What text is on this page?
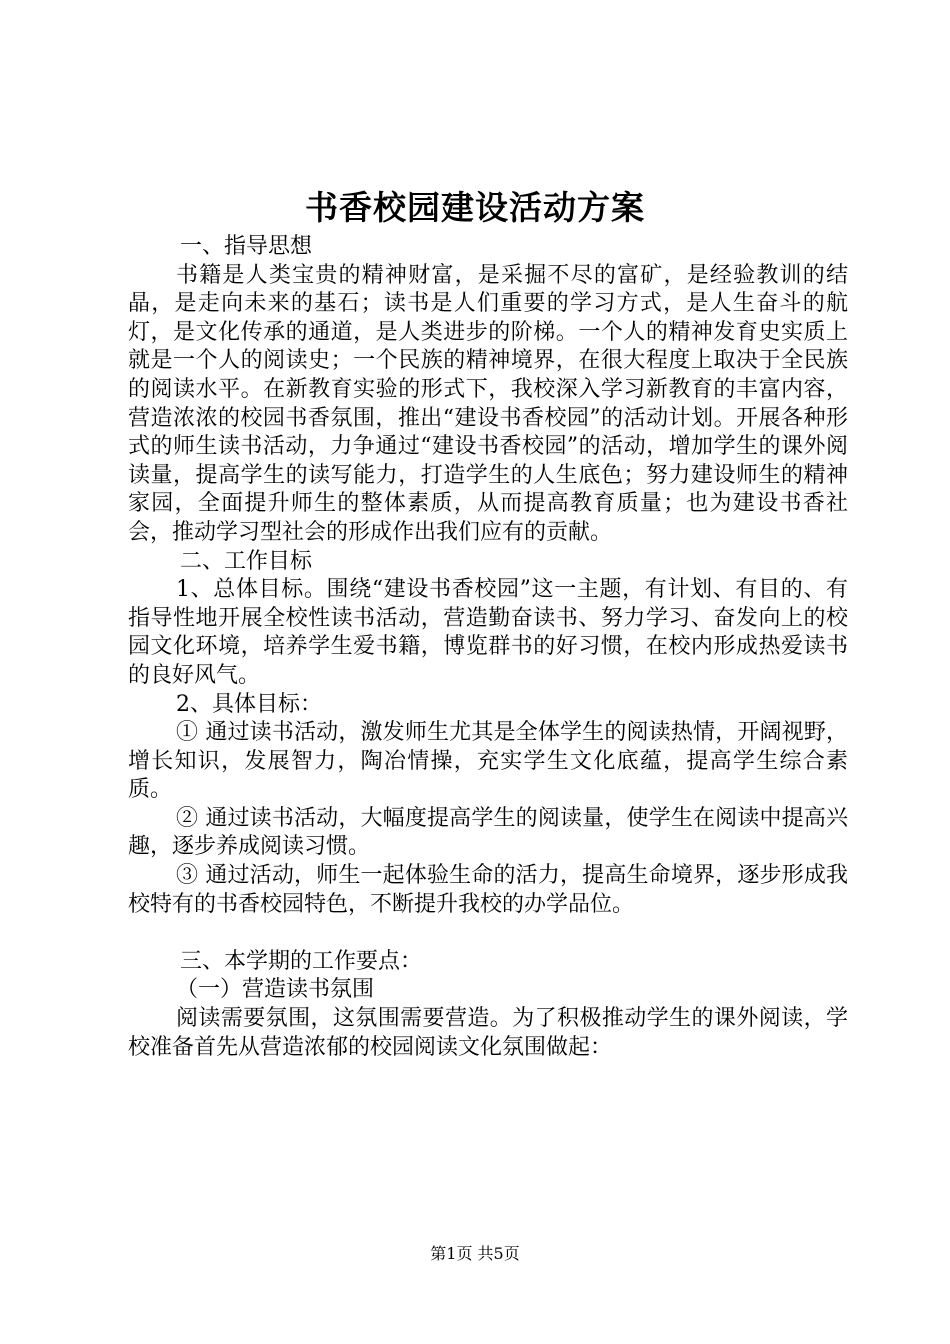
书香校园建设活动方案

一、指导思想

书籍是人类宝贵的精神财富，是采掘不尽的富矿，是经验教训的结晶，是走向未来的基石；读书是人们重要的学习方式，是人生奋斗的航灯，是文化传承的通道，是人类进步的阶梯。一个人的精神发育史实质上就是一个人的阅读史；一个民族的精神境界，在很大程度上取决于全民族的阅读水平。在新教育实验的形式下，我校深入学习新教育的丰富内容，营造浓浓的校园书香氛围，推出“建设书香校园”的活动计划。开展各种形式的师生读书活动，力争通过“建设书香校园”的活动，增加学生的课外阅读量，提高学生的读写能力，打造学生的人生底色；努力建设师生的精神家园，全面提升师生的整体素质，从而提高教育质量；也为建设书香社会，推动学习型社会的形成作出我们应有的贡献。

二、工作目标

1、总体目标。围绕“建设书香校园”这一主题，有计划、有目的、有指导性地开展全校性读书活动，营造勤奋读书、努力学习、奋发向上的校园文化环境，培养学生爱书籍，博览群书的好习惯，在校内形成热爱读书的良好风气。

2、具体目标：

① 通过读书活动，激发师生尤其是全体学生的阅读热情，开阔视野，增长知识，发展智力，陶冶情操，充实学生文化底蕴，提高学生综合素质。

② 通过读书活动，大幅度提高学生的阅读量，使学生在阅读中提高兴趣，逐步养成阅读习惯。

③ 通过活动，师生一起体验生命的活力，提高生命境界，逐步形成我校特有的书香校园特色，不断提升我校的办学品位。

三、本学期的工作要点：

（一）营造读书氛围

阅读需要氛围，这氛围需要营造。为了积极推动学生的课外阅读，学校准备首先从营造浓郁的校园阅读文化氛围做起：

第1页 共5页
